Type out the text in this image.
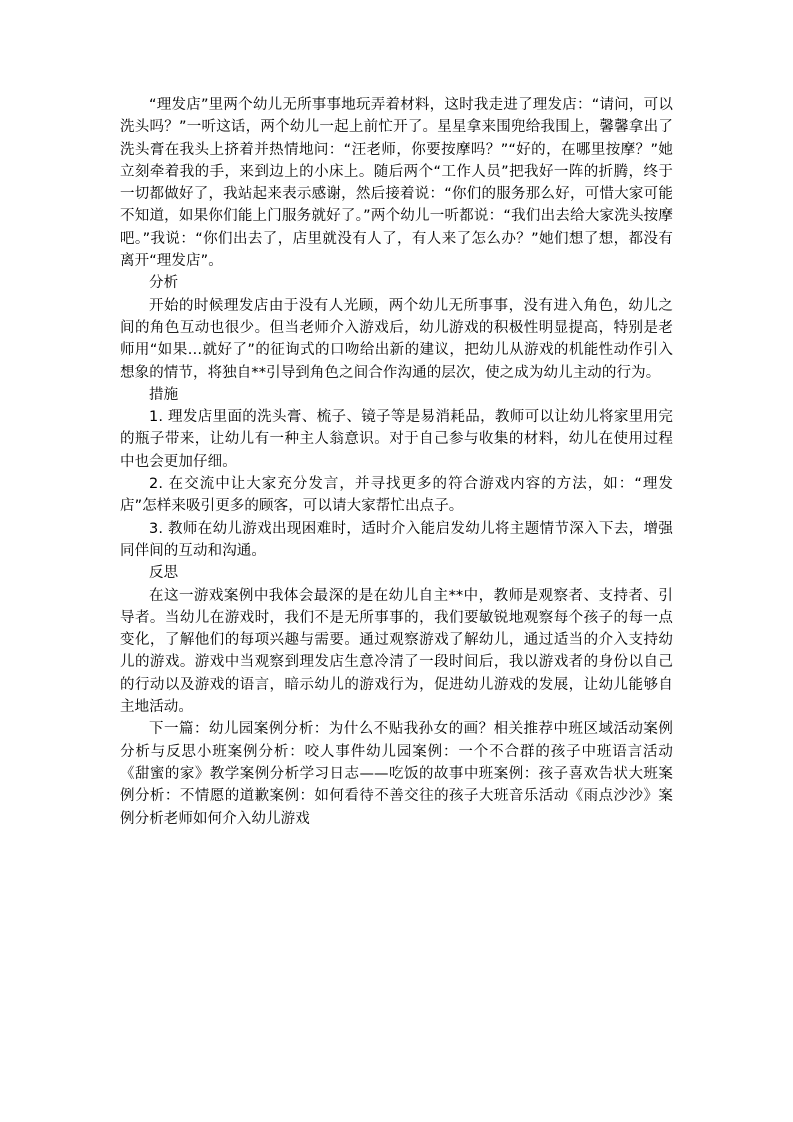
“理发店”里两个幼儿无所事事地玩弄着材料，这时我走进了理发店：“请问，可以洗头吗？”一听这话，两个幼儿一起上前忙开了。星星拿来围兜给我围上，馨馨拿出了洗头膏在我头上挤着并热情地问：“汪老师，你要按摩吗？”“好的，在哪里按摩？”她立刻牵着我的手，来到边上的小床上。随后两个“工作人员”把我好一阵的折腾，终于一切都做好了，我站起来表示感谢，然后接着说：“你们的服务那么好，可惜大家可能不知道，如果你们能上门服务就好了。”两个幼儿一听都说：“我们出去给大家洗头按摩吧。”我说：“你们出去了，店里就没有人了，有人来了怎么办？”她们想了想，都没有离开“理发店”。

分析

开始的时候理发店由于没有人光顾，两个幼儿无所事事，没有进入角色，幼儿之间的角色互动也很少。但当老师介入游戏后，幼儿游戏的积极性明显提高，特别是老师用“如果…就好了”的征询式的口吻给出新的建议，把幼儿从游戏的机能性动作引入想象的情节，将独自**引导到角色之间合作沟通的层次，使之成为幼儿主动的行为。

措施

1. 理发店里面的洗头膏、梳子、镜子等是易消耗品，教师可以让幼儿将家里用完的瓶子带来，让幼儿有一种主人翁意识。对于自己参与收集的材料，幼儿在使用过程中也会更加仔细。

2. 在交流中让大家充分发言，并寻找更多的符合游戏内容的方法，如：“理发店”怎样来吸引更多的顾客，可以请大家帮忙出点子。

3. 教师在幼儿游戏出现困难时，适时介入能启发幼儿将主题情节深入下去，增强同伴间的互动和沟通。

反思

在这一游戏案例中我体会最深的是在幼儿自主**中，教师是观察者、支持者、引导者。当幼儿在游戏时，我们不是无所事事的，我们要敏锐地观察每个孩子的每一点变化，了解他们的每项兴趣与需要。通过观察游戏了解幼儿，通过适当的介入支持幼儿的游戏。游戏中当观察到理发店生意冷清了一段时间后，我以游戏者的身份以自己的行动以及游戏的语言，暗示幼儿的游戏行为，促进幼儿游戏的发展，让幼儿能够自主地活动。

下一篇：幼儿园案例分析：为什么不贴我孙女的画？相关推荐中班区域活动案例分析与反思小班案例分析：咬人事件幼儿园案例：一个不合群的孩子中班语言活动《甜蜜的家》教学案例分析学习日志——吃饭的故事中班案例：孩子喜欢告状大班案例分析：不情愿的道歉案例：如何看待不善交往的孩子大班音乐活动《雨点沙沙》案例分析老师如何介入幼儿游戏
